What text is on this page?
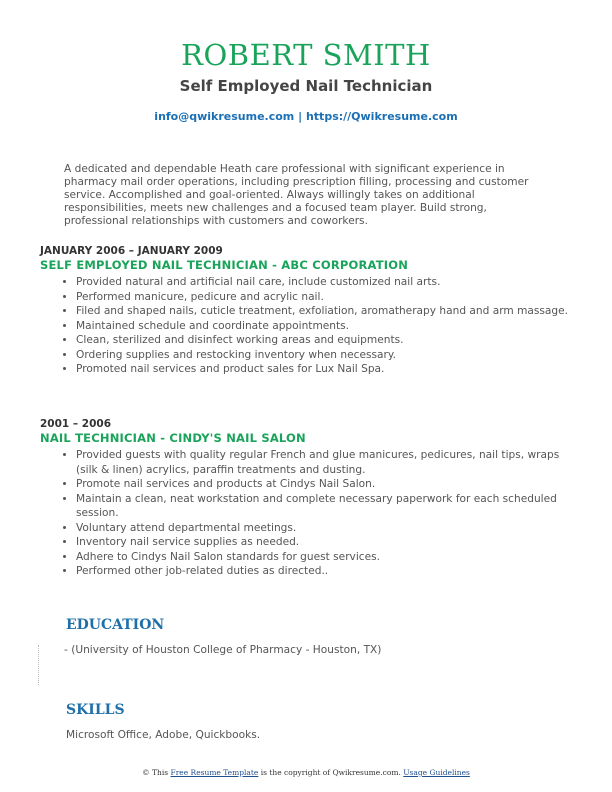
ROBERT SMITH
Self Employed Nail Technician
info@qwikresume.com | https://Qwikresume.com
A dedicated and dependable Heath care professional with significant experience in pharmacy mail order operations, including prescription filling, processing and customer service. Accomplished and goal-oriented. Always willingly takes on additional responsibilities, meets new challenges and a focused team player. Build strong, professional relationships with customers and coworkers.
JANUARY 2006 – JANUARY 2009
SELF EMPLOYED NAIL TECHNICIAN - ABC CORPORATION
• Provided natural and artificial nail care, include customized nail arts.
• Performed manicure, pedicure and acrylic nail.
• Filed and shaped nails, cuticle treatment, exfoliation, aromatherapy hand and arm massage.
• Maintained schedule and coordinate appointments.
• Clean, sterilized and disinfect working areas and equipments.
• Ordering supplies and restocking inventory when necessary.
• Promoted nail services and product sales for Lux Nail Spa.
2001 – 2006
NAIL TECHNICIAN - CINDY'S NAIL SALON
• Provided guests with quality regular French and glue manicures, pedicures, nail tips, wraps (silk & linen) acrylics, paraffin treatments and dusting.
• Promote nail services and products at Cindys Nail Salon.
• Maintain a clean, neat workstation and complete necessary paperwork for each scheduled session.
• Voluntary attend departmental meetings.
• Inventory nail service supplies as needed.
• Adhere to Cindys Nail Salon standards for guest services.
• Performed other job-related duties as directed..
EDUCATION
- (University of Houston College of Pharmacy - Houston, TX)
SKILLS
Microsoft Office, Adobe, Quickbooks.
© This Free Resume Template is the copyright of Qwikresume.com. Usage Guidelines
